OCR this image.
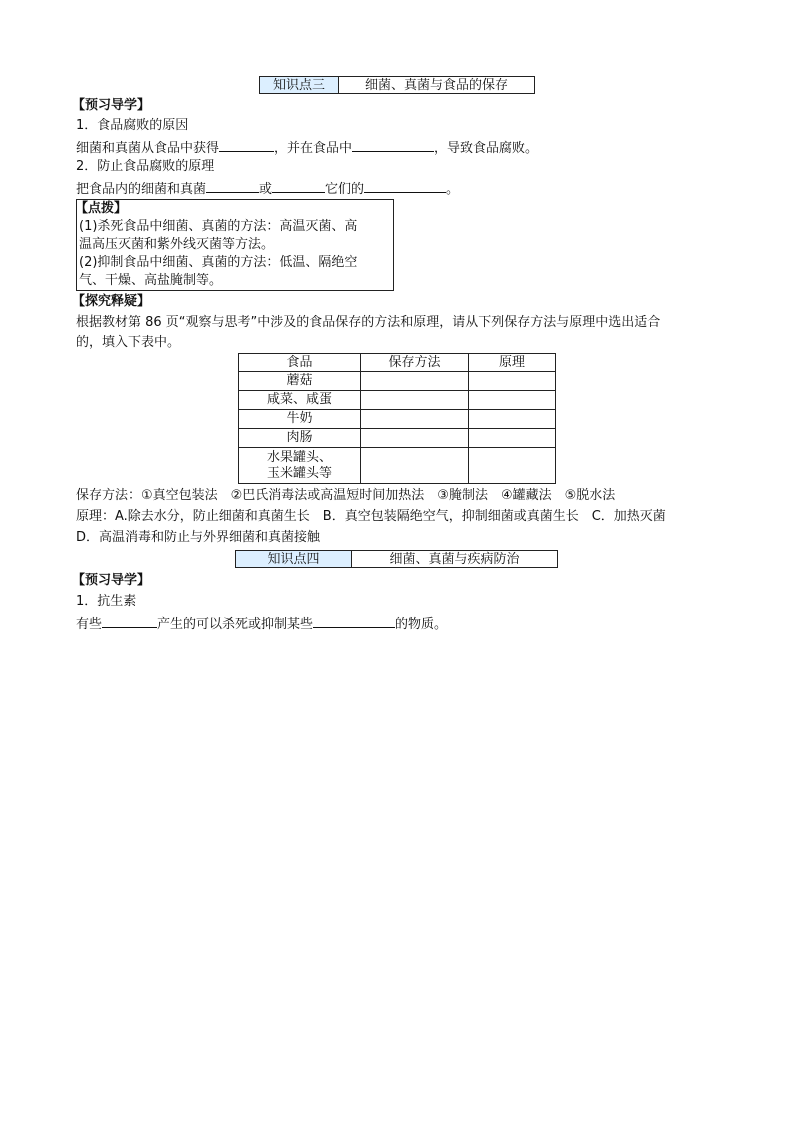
知识点三	细菌、真菌与食品的保存
【预习导学】
1．食品腐败的原因
细菌和真菌从食品中获得	，并在食品中	，导致食品腐败。
2．防止食品腐败的原理
把食品内的细菌和真菌	或	它们的	。
【点拨】
(1)杀死食品中细菌、真菌的方法：高温灭菌、高
温高压灭菌和紫外线灭菌等方法。
(2)抑制食品中细菌、真菌的方法：低温、隔绝空
气、干燥、高盐腌制等。
【探究释疑】
根据教材第 86 页“观察与思考”中涉及的食品保存的方法和原理，请从下列保存方法与原理中选出适合
的，填入下表中。
食品	保存方法	原理
蘑菇		
咸菜、咸蛋		
牛奶		
肉肠		

水果罐头、
玉米罐头等		

保存方法：①真空包装法　②巴氏消毒法或高温短时间加热法　③腌制法　④罐藏法　⑤脱水法
原理：A.除去水分，防止细菌和真菌生长　B．真空包装隔绝空气，抑制细菌或真菌生长　C．加热灭菌
D．高温消毒和防止与外界细菌和真菌接触
知识点四	细菌、真菌与疾病防治
【预习导学】
1．抗生素
有些	产生的可以杀死或抑制某些	的物质。
